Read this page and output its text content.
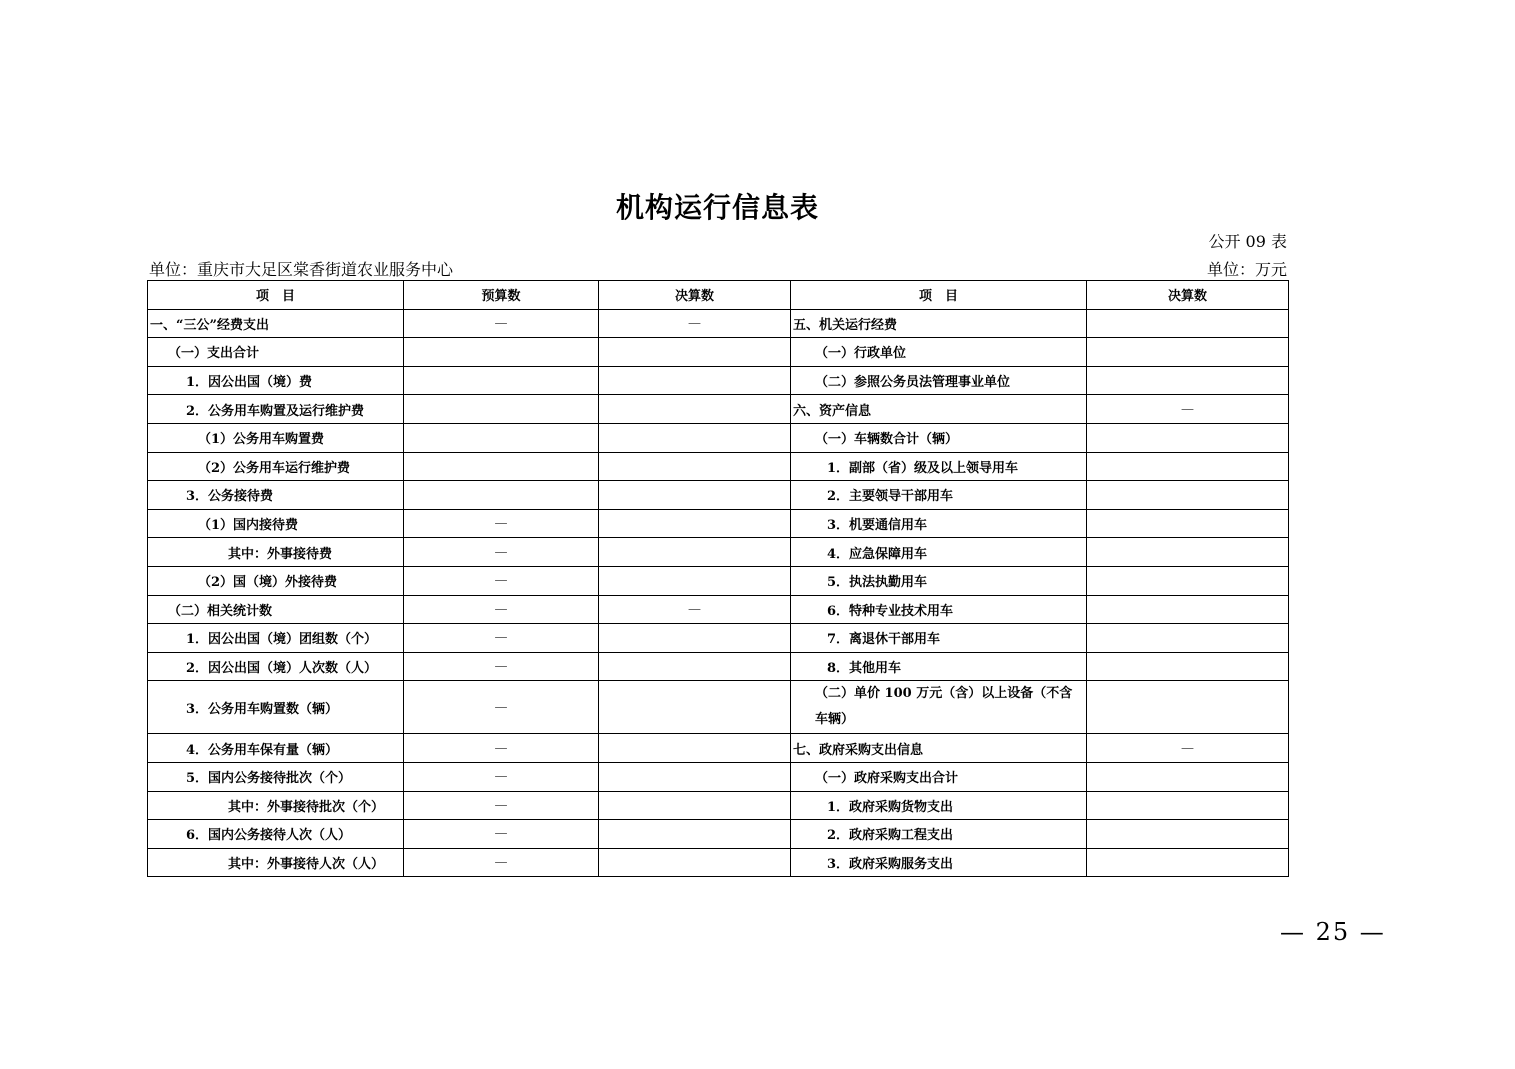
机构运行信息表
公开 09 表
单位：重庆市大足区棠香街道农业服务中心	单位：万元
项　目	预算数	决算数	项　目	决算数
一、“三公”经费支出	—	—	五、机关运行经费	
（一）支出合计			（一）行政单位	
1．因公出国（境）费			（二）参照公务员法管理事业单位	
2．公务用车购置及运行维护费			六、资产信息	—
（1）公务用车购置费			（一）车辆数合计（辆）	
（2）公务用车运行维护费			1．副部（省）级及以上领导用车	
3．公务接待费			2．主要领导干部用车	
（1）国内接待费	—		3．机要通信用车	
其中：外事接待费	—		4．应急保障用车	
（2）国（境）外接待费	—		5．执法执勤用车	
（二）相关统计数	—	—	6．特种专业技术用车	
1．因公出国（境）团组数（个）	—		7．离退休干部用车	
2．因公出国（境）人次数（人）	—		8．其他用车	
3．公务用车购置数（辆）	—		（二）单价 100 万元（含）以上设备（不含车辆）	
4．公务用车保有量（辆）	—		七、政府采购支出信息	—
5．国内公务接待批次（个）	—		（一）政府采购支出合计	
其中：外事接待批次（个）	—		1．政府采购货物支出	
6．国内公务接待人次（人）	—		2．政府采购工程支出	
其中：外事接待人次（人）	—		3．政府采购服务支出	
— 25 —
